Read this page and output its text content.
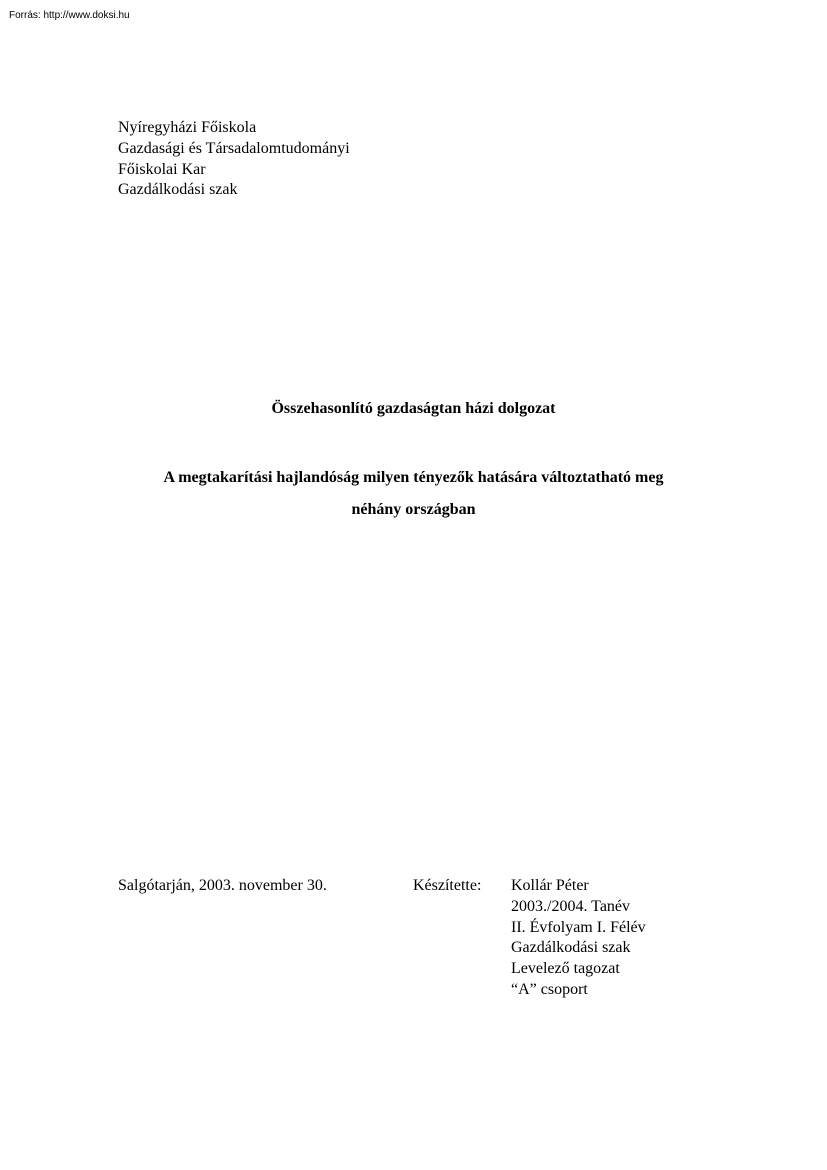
Forrás: http://www.doksi.hu
Nyíregyházi Főiskola
Gazdasági és Társadalomtudományi
Főiskolai Kar
Gazdálkodási szak
Összehasonlító gazdaságtan házi dolgozat
A megtakarítási hajlandóság milyen tényezők hatására változtatható meg
néhány országban
Salgótarján, 2003. november 30.	Készítette: Kollár Péter
2003./2004. Tanév
II. Évfolyam I. Félév
Gazdálkodási szak
Levelező tagozat
“A” csoport
